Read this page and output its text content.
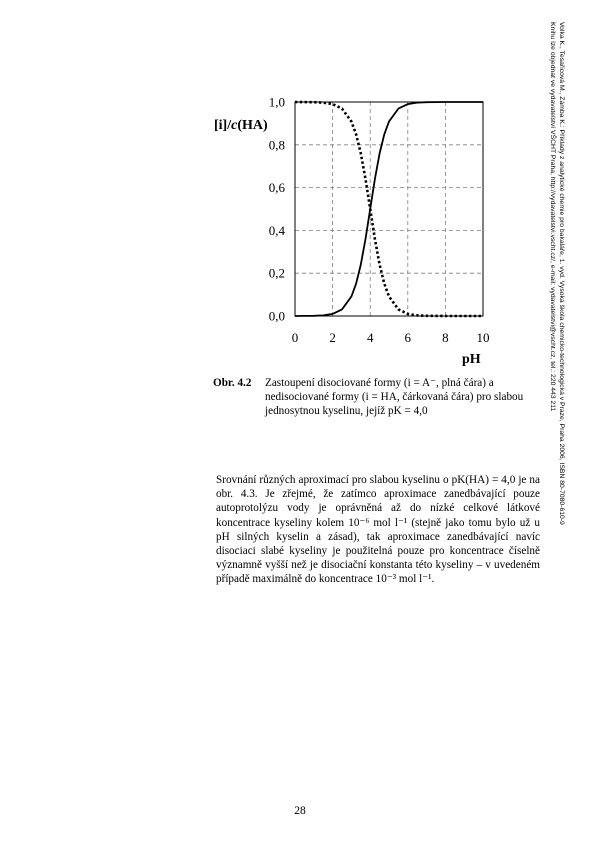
0 2 4 6 8 10
0,0
0,2
0,4
0,6
0,8
1,0
[i]/c(HA)
pH
Obr. 4.2	Zastoupení disociované formy (i = A⁻, plná čára) a nedisociované formy (i = HA, čárkovaná čára) pro slabou jednosytnou kyselinu, jejíž pK = 4,0
Srovnání různých aproximací pro slabou kyselinu o pK(HA) = 4,0 je na obr. 4.3. Je zřejmé, že zatímco aproximace zanedbávající pouze autoprotolýzu vody je oprávněná až do nízké celkové látkové koncentrace kyseliny kolem 10⁻⁶ mol l⁻¹ (stejně jako tomu bylo už u pH silných kyselin a zásad), tak aproximace zanedbávající navíc disociaci slabé kyseliny je použitelná pouze pro koncentrace číselně významně vyšší než je disociační konstanta této kyseliny – v uvedeném případě maximálně do koncentrace 10⁻³ mol l⁻¹.
28
Volka K., Tesařicová M., Zámba K.: Příklady z analytické chemie pro bakaláře, 1. vyd. Vysoká škola chemicko-technologická v Praze, Praha 2006, ISBN 80-7080-610-9
Knihu lze objednat ve vydavatelství VŠCHT Praha, http://vydavatelstvi.vscht.cz/, e-mail: vydavatelstvi@vscht.cz, tel.: 220 443 211
